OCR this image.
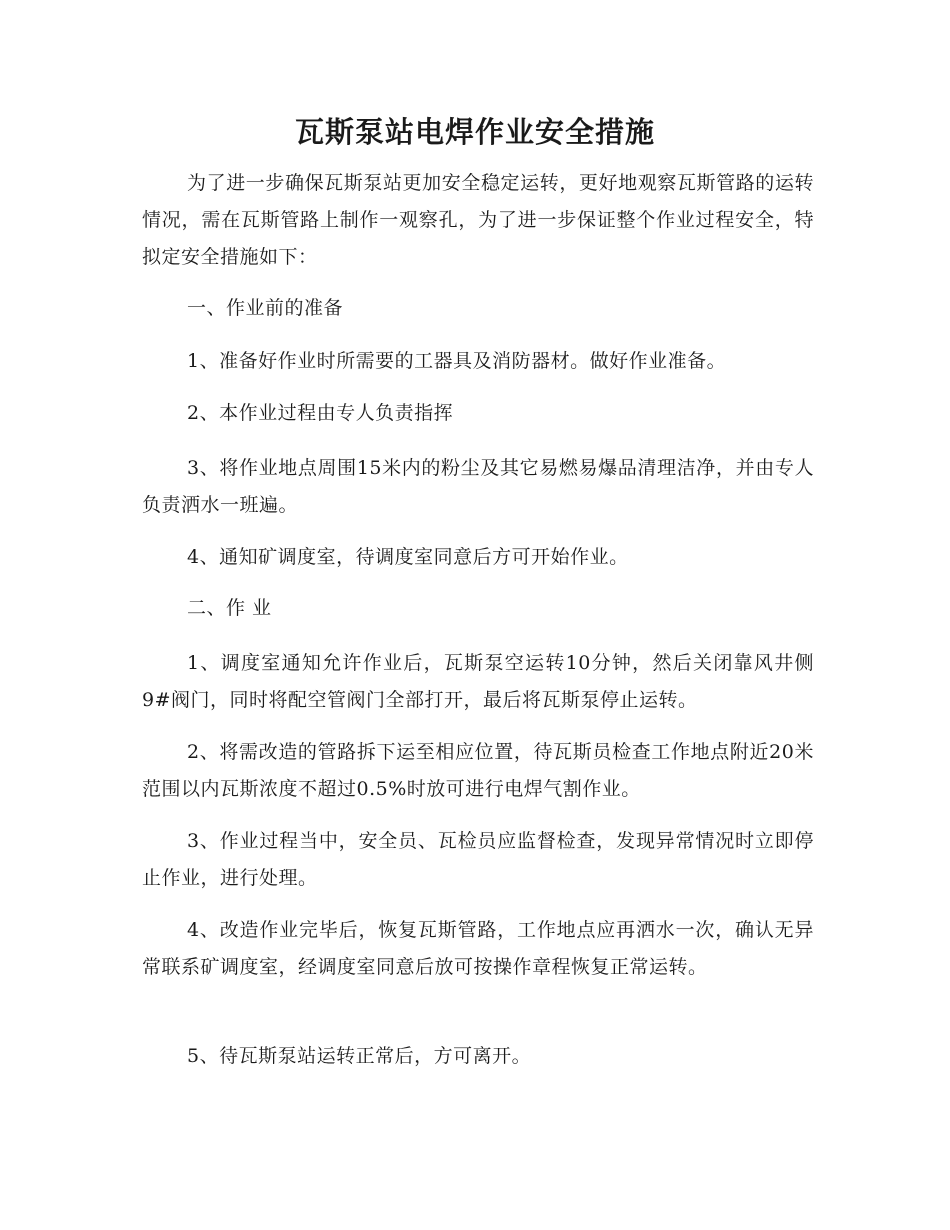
瓦斯泵站电焊作业安全措施

为了进一步确保瓦斯泵站更加安全稳定运转，更好地观察瓦斯管路的运转情况，需在瓦斯管路上制作一观察孔，为了进一步保证整个作业过程安全，特拟定安全措施如下：

一、作业前的准备

1、准备好作业时所需要的工器具及消防器材。做好作业准备。

2、本作业过程由专人负责指挥

3、将作业地点周围15米内的粉尘及其它易燃易爆品清理洁净，并由专人负责洒水一班遍。

4、通知矿调度室，待调度室同意后方可开始作业。

二、作 业

1、调度室通知允许作业后，瓦斯泵空运转10分钟，然后关闭靠风井侧9#阀门，同时将配空管阀门全部打开，最后将瓦斯泵停止运转。

2、将需改造的管路拆下运至相应位置，待瓦斯员检查工作地点附近20米范围以内瓦斯浓度不超过0.5%时放可进行电焊气割作业。

3、作业过程当中，安全员、瓦检员应监督检查，发现异常情况时立即停止作业，进行处理。

4、改造作业完毕后，恢复瓦斯管路，工作地点应再洒水一次，确认无异常联系矿调度室，经调度室同意后放可按操作章程恢复正常运转。

5、待瓦斯泵站运转正常后，方可离开。
